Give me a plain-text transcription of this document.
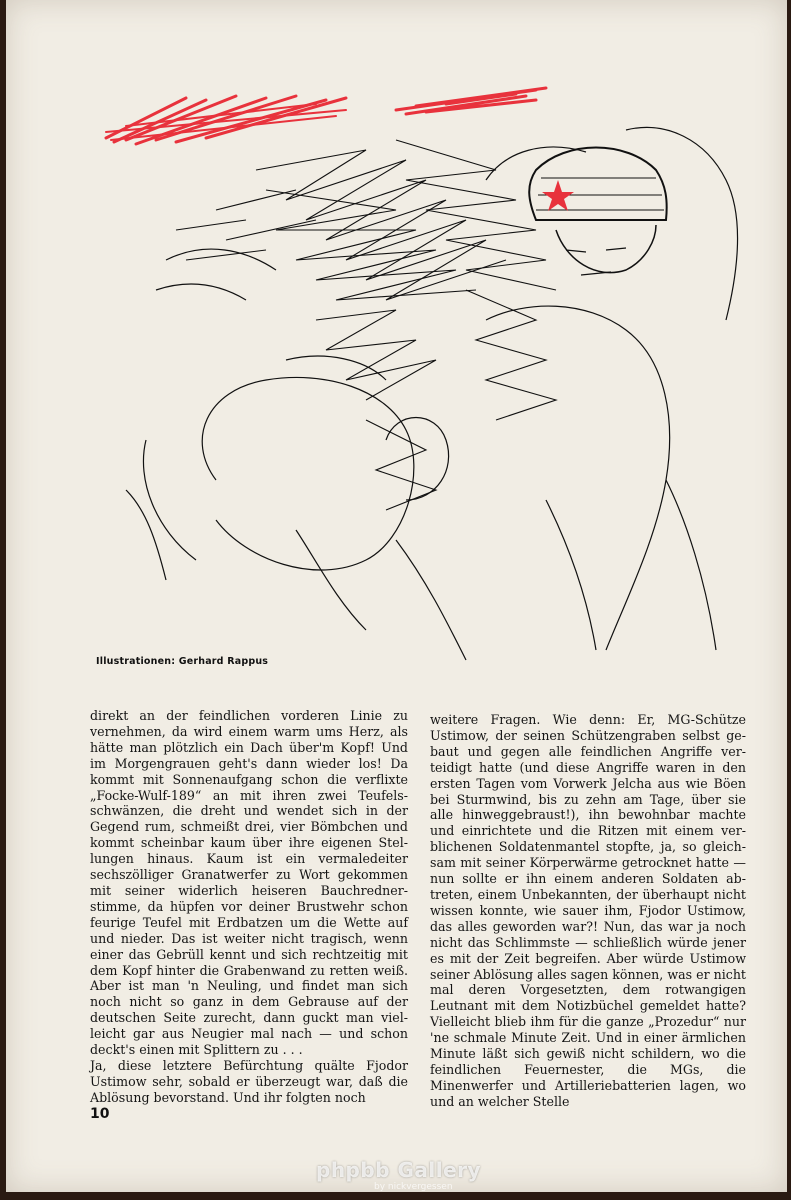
Illustrationen: Gerhard Rappus

direkt an der feindlichen vorderen Linie zu vernehmen, da wird einem warm ums Herz, als hätte man plötzlich ein Dach über'm Kopf! Und im Morgengrauen geht's dann wieder los! Da kommt mit Sonnenaufgang schon die verflixte „Focke-Wulf-189“ an mit ihren zwei Teufelsschwänzen, die dreht und wendet sich in der Gegend rum, schmeißt drei, vier Bömbchen und kommt scheinbar kaum über ihre eigenen Stellungen hinaus. Kaum ist ein vermaledeiter sechszölliger Granatwerfer zu Wort gekommen mit seiner widerlich heiseren Bauchrednerstimme, da hüpfen vor deiner Brustwehr schon feurige Teufel mit Erdbatzen um die Wette auf und nieder. Das ist weiter nicht tragisch, wenn einer das Gebrüll kennt und sich rechtzeitig mit dem Kopf hinter die Grabenwand zu retten weiß. Aber ist man 'n Neuling, und findet man sich noch nicht so ganz in dem Gebrause auf der deutschen Seite zurecht, dann guckt man vielleicht gar aus Neugier mal nach — und schon deckt's einen mit Splittern zu . . .

Ja, diese letztere Befürchtung quälte Fjodor Ustimow sehr, sobald er überzeugt war, daß die Ablösung bevorstand. Und ihr folgten noch

weitere Fragen. Wie denn: Er, MG-Schütze Ustimow, der seinen Schützengraben selbst gebaut und gegen alle feindlichen Angriffe verteidigt hatte (und diese Angriffe waren in den ersten Tagen vom Vorwerk Jelcha aus wie Böen bei Sturmwind, bis zu zehn am Tage, über sie alle hinweggebraust!), ihn bewohnbar machte und einrichtete und die Ritzen mit einem verblichenen Soldatenmantel stopfte, ja, so gleichsam mit seiner Körperwärme getrocknet hatte — nun sollte er ihn einem anderen Soldaten abtreten, einem Unbekannten, der überhaupt nicht wissen konnte, wie sauer ihm, Fjodor Ustimow, das alles geworden war?! Nun, das war ja noch nicht das Schlimmste — schließlich würde jener es mit der Zeit begreifen. Aber würde Ustimow seiner Ablösung alles sagen können, was er nicht mal deren Vorgesetzten, dem rotwangigen Leutnant mit dem Notizbüchel gemeldet hatte? Vielleicht blieb ihm für die ganze „Prozedur“ nur 'ne schmale Minute Zeit. Und in einer ärmlichen Minute läßt sich gewiß nicht schildern, wo die feindlichen Feuernester, die MGs, die Minenwerfer und Artilleriebatterien lagen, wo und an welcher Stelle

10
phpbb Gallery
by nickvergessen
